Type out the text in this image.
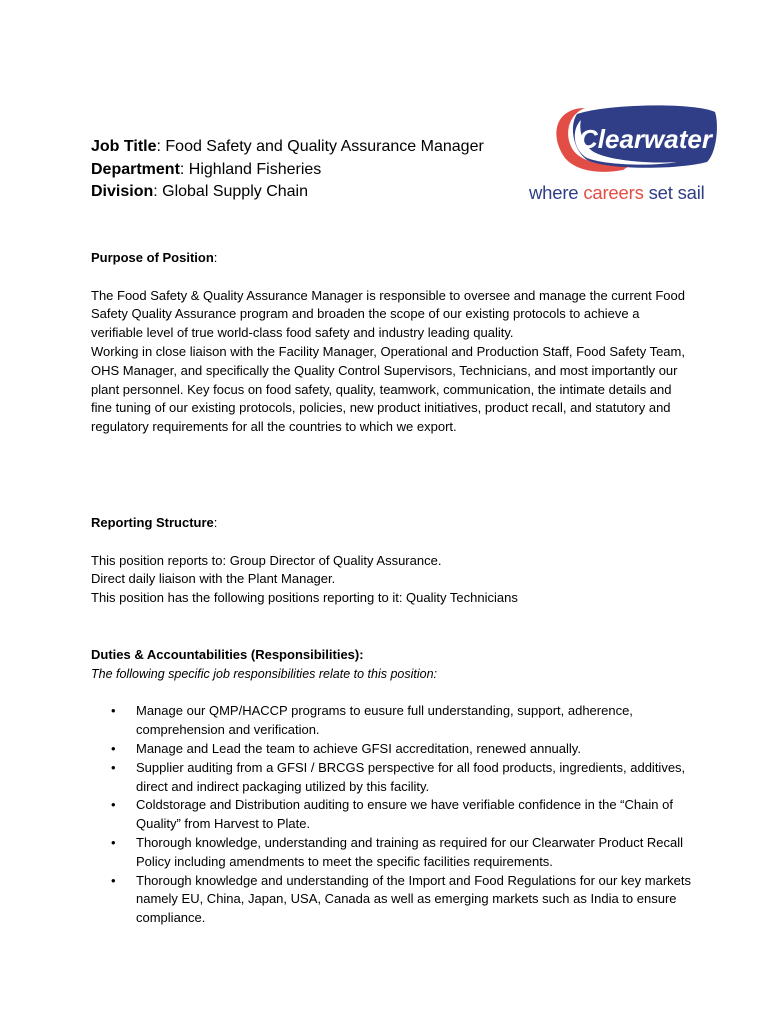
Job Title: Food Safety and Quality Assurance Manager
Department: Highland Fisheries
Division: Global Supply Chain
Clearwater
where careers set sail
Purpose of Position:

The Food Safety & Quality Assurance Manager is responsible to oversee and manage the current Food Safety Quality Assurance program and broaden the scope of our existing protocols to achieve a verifiable level of true world-class food safety and industry leading quality.

Working in close liaison with the Facility Manager, Operational and Production Staff, Food Safety Team, OHS Manager, and specifically the Quality Control Supervisors, Technicians, and most importantly our plant personnel. Key focus on food safety, quality, teamwork, communication, the intimate details and fine tuning of our existing protocols, policies, new product initiatives, product recall, and statutory and regulatory requirements for all the countries to which we export.

Reporting Structure:
This position reports to: Group Director of Quality Assurance.
Direct daily liaison with the Plant Manager.
This position has the following positions reporting to it: Quality Technicians
Duties & Accountabilities (Responsibilities):
The following specific job responsibilities relate to this position:
• Manage our QMP/HACCP programs to eusure full understanding, support, adherence, comprehension and verification.
• Manage and Lead the team to achieve GFSI accreditation, renewed annually.
• Supplier auditing from a GFSI / BRCGS perspective for all food products, ingredients, additives, direct and indirect packaging utilized by this facility.
• Coldstorage and Distribution auditing to ensure we have verifiable confidence in the “Chain of Quality” from Harvest to Plate.
• Thorough knowledge, understanding and training as required for our Clearwater Product Recall Policy including amendments to meet the specific facilities requirements.
• Thorough knowledge and understanding of the Import and Food Regulations for our key markets namely EU, China, Japan, USA, Canada as well as emerging markets such as India to ensure compliance.
